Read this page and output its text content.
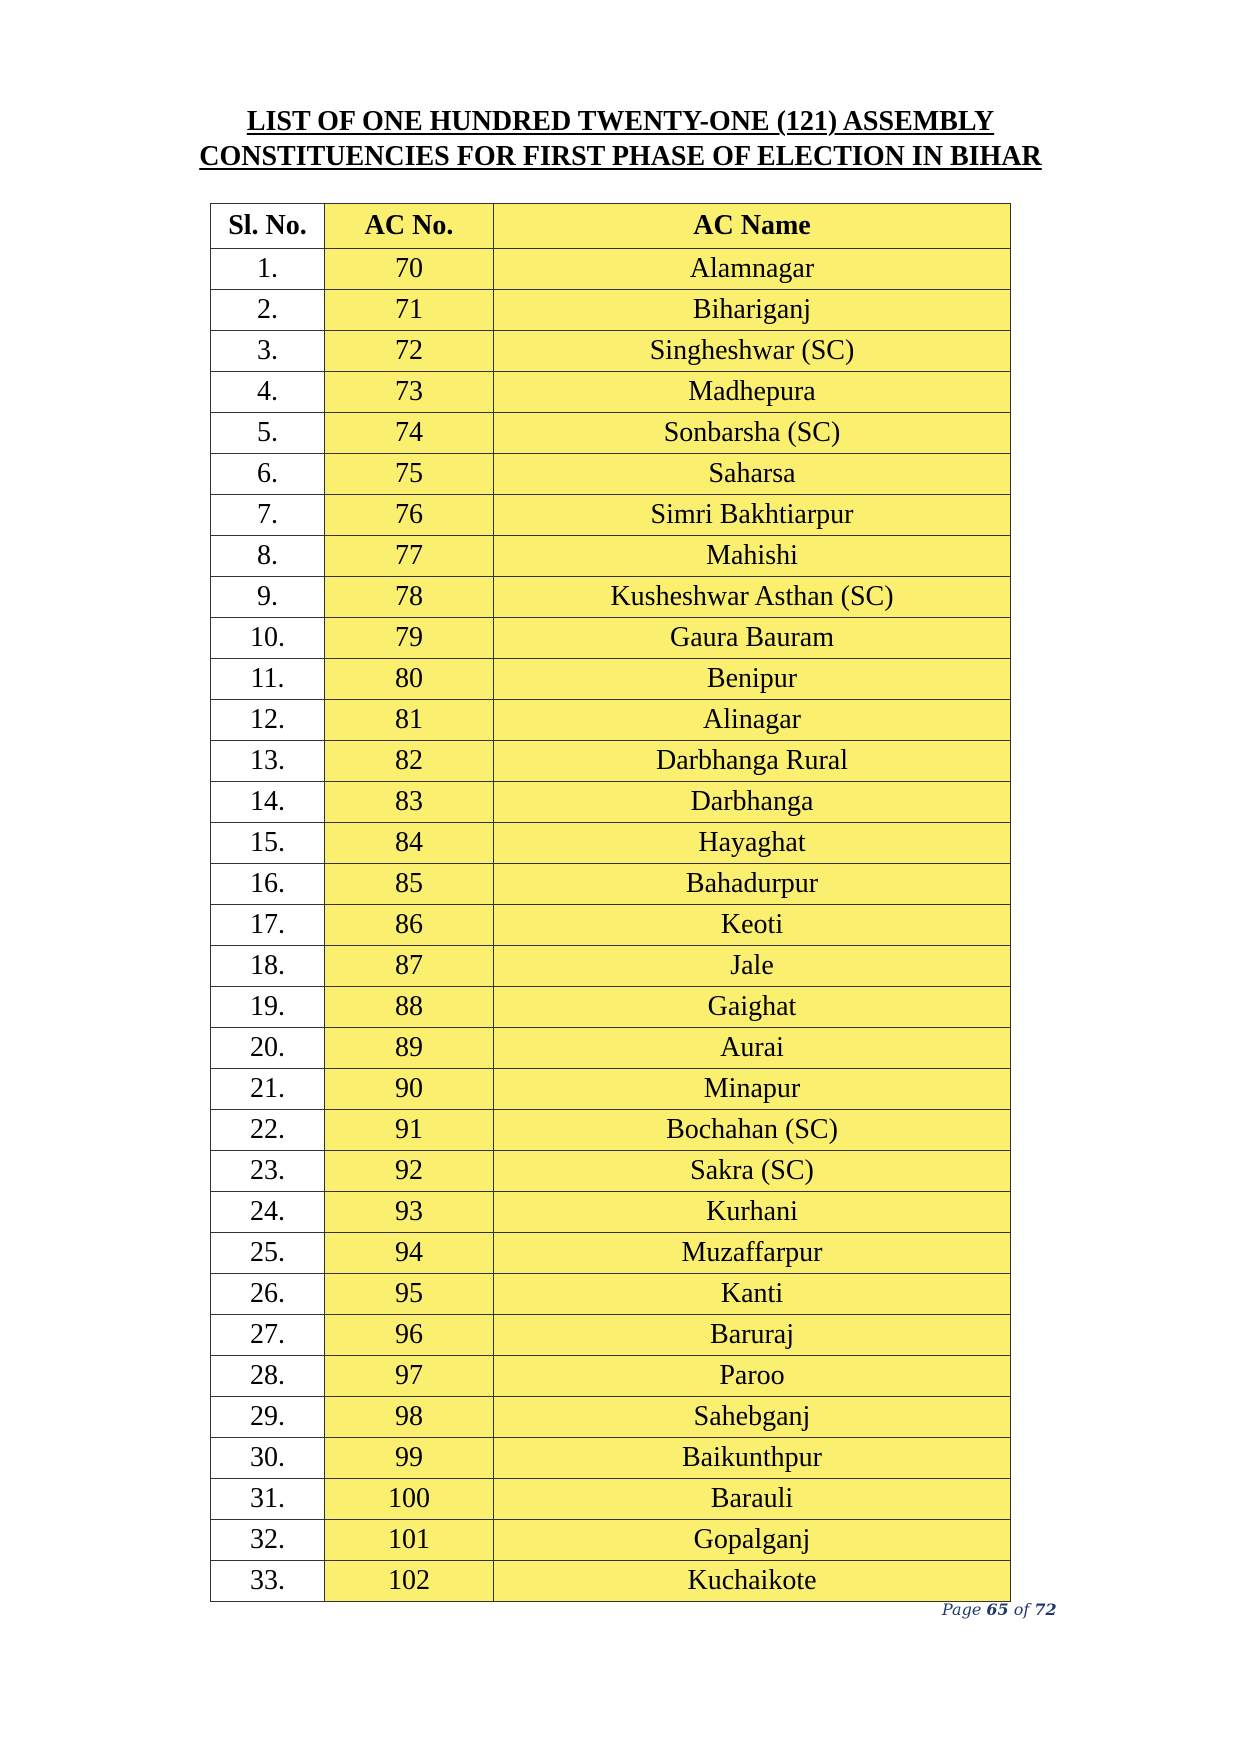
LIST OF ONE HUNDRED TWENTY-ONE (121) ASSEMBLY
CONSTITUENCIES FOR FIRST PHASE OF ELECTION IN BIHAR
Sl. No.	AC No.	AC Name
1.	70	Alamnagar
2.	71	Bihariganj
3.	72	Singheshwar (SC)
4.	73	Madhepura
5.	74	Sonbarsha (SC)
6.	75	Saharsa
7.	76	Simri Bakhtiarpur
8.	77	Mahishi
9.	78	Kusheshwar Asthan (SC)
10.	79	Gaura Bauram
11.	80	Benipur
12.	81	Alinagar
13.	82	Darbhanga Rural
14.	83	Darbhanga
15.	84	Hayaghat
16.	85	Bahadurpur
17.	86	Keoti
18.	87	Jale
19.	88	Gaighat
20.	89	Aurai
21.	90	Minapur
22.	91	Bochahan (SC)
23.	92	Sakra (SC)
24.	93	Kurhani
25.	94	Muzaffarpur
26.	95	Kanti
27.	96	Baruraj
28.	97	Paroo
29.	98	Sahebganj
30.	99	Baikunthpur
31.	100	Barauli
32.	101	Gopalganj
33.	102	Kuchaikote
Page 65 of 72
